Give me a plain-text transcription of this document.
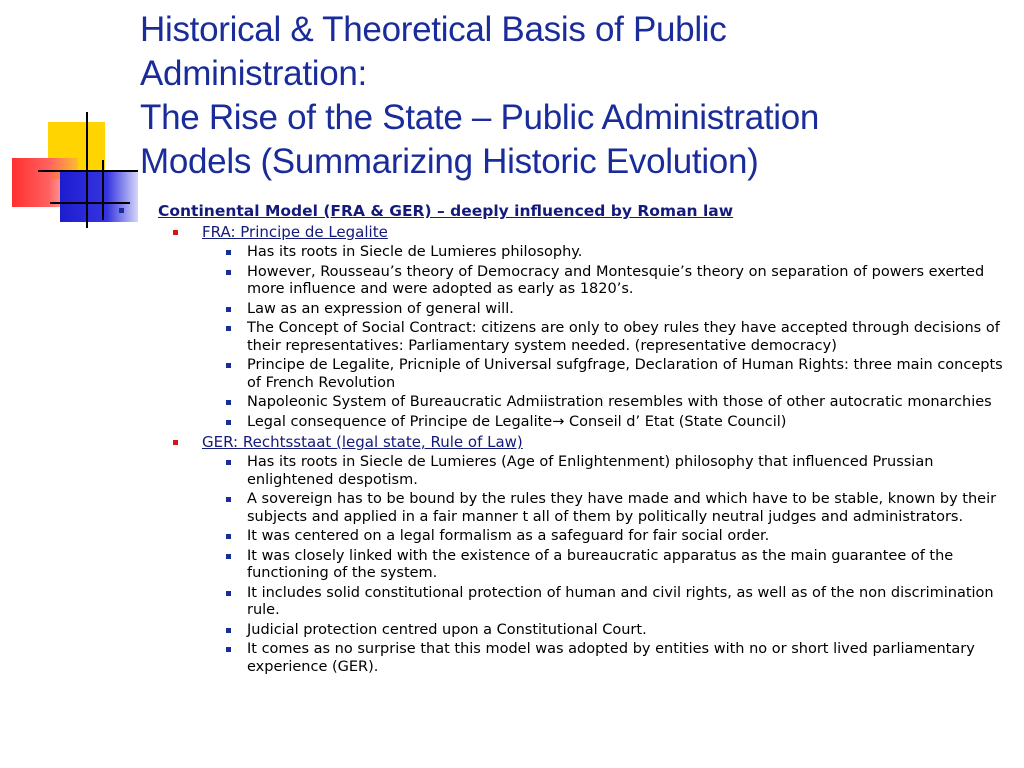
Historical & Theoretical Basis of Public
Administration:
The Rise of the State – Public Administration
Models (Summarizing Historic Evolution)
Continental Model (FRA & GER) – deeply influenced by Roman law
FRA: Principe de Legalite
Has its roots in Siecle de Lumieres philosophy.
However, Rousseau’s theory of Democracy and Montesquie’s theory on separation of powers exerted more influence and were adopted as early as 1820’s.
Law as an expression of general will.
The Concept of Social Contract: citizens are only to obey rules they have accepted through decisions of their representatives: Parliamentary system needed. (representative democracy)
Principe de Legalite, Pricniple of Universal sufgfrage, Declaration of Human Rights: three main concepts of French Revolution
Napoleonic System of Bureaucratic Admiistration resembles with those of other autocratic monarchies
Legal consequence of Principe de Legalite→ Conseil d’ Etat (State Council)
GER: Rechtsstaat (legal state, Rule of Law)
Has its roots in Siecle de Lumieres (Age of Enlightenment) philosophy that influenced Prussian enlightened despotism.
A sovereign has to be bound by the rules they have made and which have to be stable, known by their subjects and applied in a fair manner t all of them by politically neutral judges and administrators.
It was centered on a legal formalism as a safeguard for fair social order.
It was closely linked with the existence of a bureaucratic apparatus as the main guarantee of the functioning of the system.
It includes solid constitutional protection of human and civil rights, as well as of the non discrimination rule.
Judicial protection centred upon a Constitutional Court.
It comes as no surprise that this model was adopted by entities with no or short lived parliamentary experience (GER).
